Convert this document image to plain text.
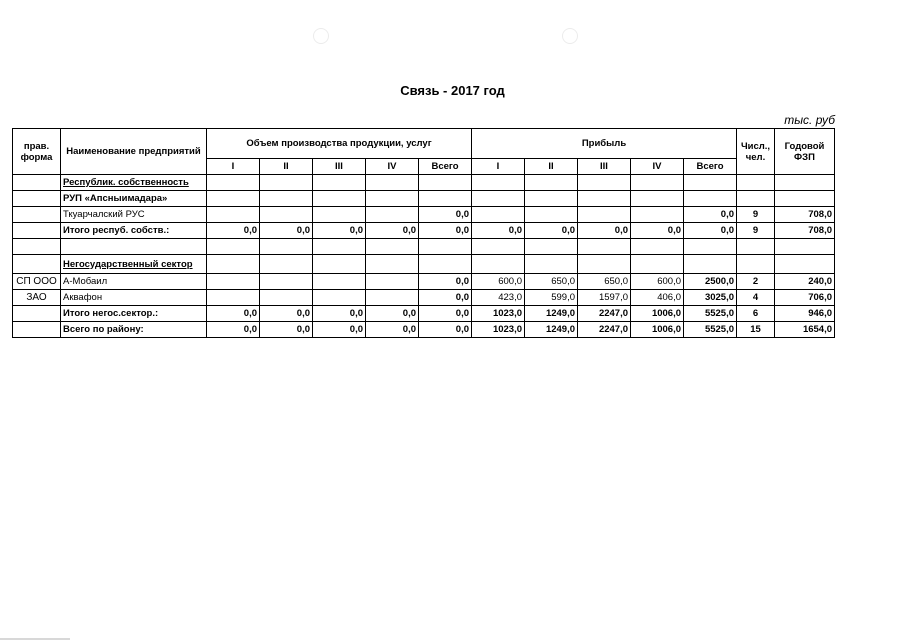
Связь - 2017 год
тыс. руб
прав. форма	Наименование предприятий	Объем производства продукции, услуг					Прибыль					Числ., чел.	Годовой ФЗП
		I	II	III	IV	Всего	I	II	III	IV	Всего		
	Республик. собственность												
	РУП «Апсныимадара»												
	Ткуарчалский РУС					0,0					0,0	9	708,0
	Итого респуб. собств.:	0,0	0,0	0,0	0,0	0,0	0,0	0,0	0,0	0,0	0,0	9	708,0

	Негосударственный сектор												
СП ООО	А-Мобаил					0,0	600,0	650,0	650,0	600,0	2500,0	2	240,0
ЗАО	Аквафон					0,0	423,0	599,0	1597,0	406,0	3025,0	4	706,0
	Итого негос.сектор.:	0,0	0,0	0,0	0,0	0,0	1023,0	1249,0	2247,0	1006,0	5525,0	6	946,0
	Всего по району:	0,0	0,0	0,0	0,0	0,0	1023,0	1249,0	2247,0	1006,0	5525,0	15	1654,0
